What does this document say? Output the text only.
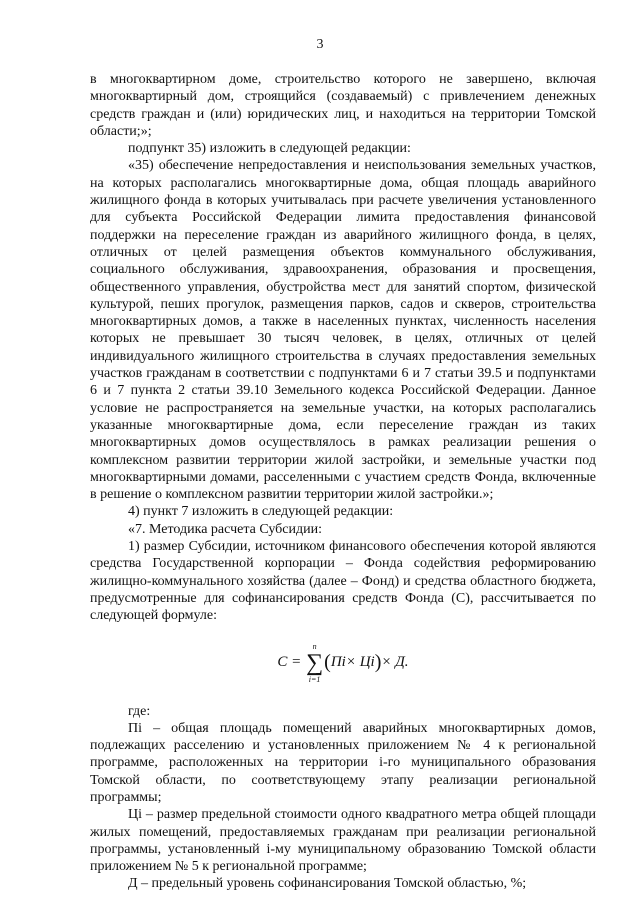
3

в многоквартирном доме, строительство которого не завершено, включая многоквартирный дом, строящийся (создаваемый) с привлечением денежных средств граждан и (или) юридических лиц, и находиться на территории Томской области;»;

подпункт 35) изложить в следующей редакции:

«35) обеспечение непредоставления и неиспользования земельных участков, на которых располагались многоквартирные дома, общая площадь аварийного жилищного фонда в которых учитывалась при расчете увеличения установленного для субъекта Российской Федерации лимита предоставления финансовой поддержки на переселение граждан из аварийного жилищного фонда, в целях, отличных от целей размещения объектов коммунального обслуживания, социального обслуживания, здравоохранения, образования и просвещения, общественного управления, обустройства мест для занятий спортом, физической культурой, пеших прогулок, размещения парков, садов и скверов, строительства многоквартирных домов, а также в населенных пунктах, численность населения которых не превышает 30 тысяч человек, в целях, отличных от целей индивидуального жилищного строительства в случаях предоставления земельных участков гражданам в соответствии с подпунктами 6 и 7 статьи 39.5 и подпунктами 6 и 7 пункта 2 статьи 39.10 Земельного кодекса Российской Федерации. Данное условие не распространяется на земельные участки, на которых располагались указанные многоквартирные дома, если переселение граждан из таких многоквартирных домов осуществлялось в рамках реализации решения о комплексном развитии территории жилой застройки, и земельные участки под многоквартирными домами, расселенными с участием средств Фонда, включенные в решение о комплексном развитии территории жилой застройки.»;

4) пункт 7 изложить в следующей редакции:

«7. Методика расчета Субсидии:

1) размер Субсидии, источником финансового обеспечения которой являются средства Государственной корпорации – Фонда содействия реформированию жилищно-коммунального хозяйства (далее – Фонд) и средства областного бюджета, предусмотренные для софинансирования средств Фонда (С), рассчитывается по следующей формуле:

С =

n
∑
i=1
( Пi× Цi ) × Д.

где:

Пi – общая площадь помещений аварийных многоквартирных домов, подлежащих расселению и установленных приложением № 4 к региональной программе, расположенных на территории i-го муниципального образования Томской области, по соответствующему этапу реализации региональной программы;

Цi – размер предельной стоимости одного квадратного метра общей площади жилых помещений, предоставляемых гражданам при реализации региональной программы, установленный i-му муниципальному образованию Томской области приложением № 5 к региональной программе;

Д – предельный уровень софинансирования Томской областью, %;
